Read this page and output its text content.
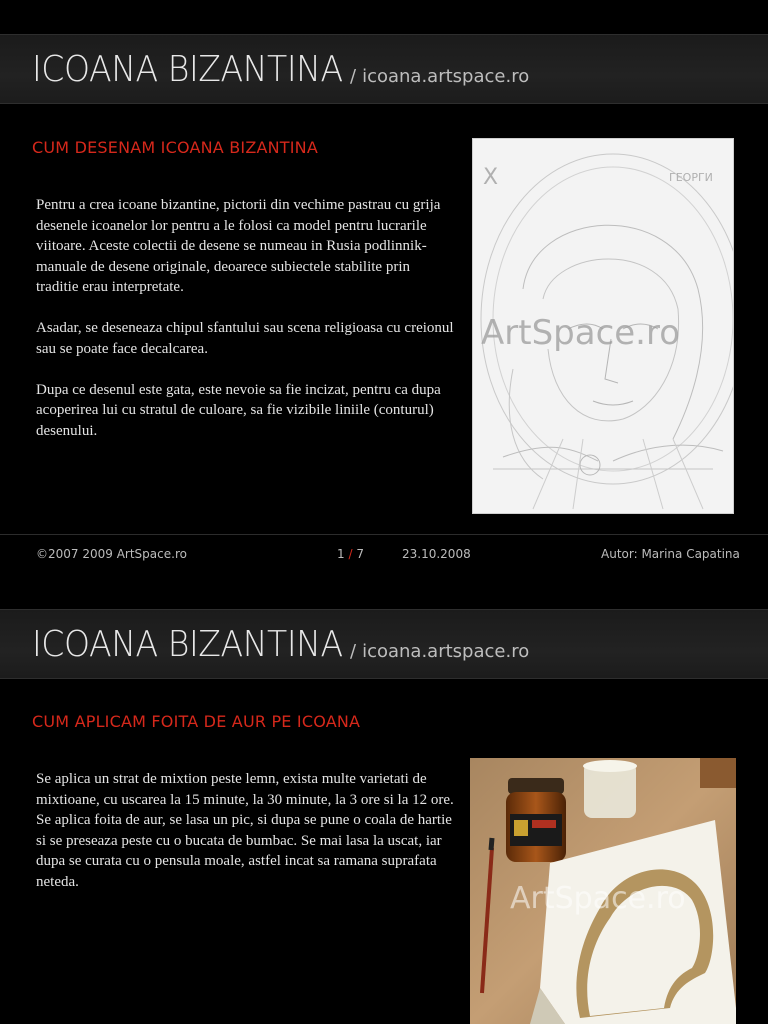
ICOANA BIZANTINA / icoana.artspace.ro
CUM DESENAM ICOANA BIZANTINA

Pentru a crea icoane bizantine, pictorii din vechime pastrau cu grija desenele icoanelor lor pentru a le folosi ca model pentru lucrarile viitoare. Aceste colectii de desene se numeau in Rusia podlinnik-manuale de desene originale, deoarece subiectele stabilite prin traditie erau interpretate.

Asadar, se deseneaza chipul sfantului sau scena religioasa cu creionul sau se poate face decalcarea.

Dupa ce desenul este gata, este nevoie sa fie incizat, pentru ca dupa acoperirea lui cu stratul de culoare, sa fie vizibile liniile (conturul) desenului.

X	ГЕОРГИ
ArtSpace.ro
©2007 2009 ArtSpace.ro	1 / 7	23.10.2008	Autor: Marina Capatina
ICOANA BIZANTINA / icoana.artspace.ro
CUM APLICAM FOITA DE AUR PE ICOANA

Se aplica un strat de mixtion peste lemn, exista multe varietati de mixtioane, cu uscarea la 15 minute, la 30 minute, la 3 ore si la 12 ore. Se aplica foita de aur, se lasa un pic, si dupa se pune o coala de hartie si se preseaza peste cu o bucata de bumbac. Se mai lasa la uscat, iar dupa se curata cu o pensula moale, astfel incat sa ramana suprafata neteda.	ArtSpace.ro
